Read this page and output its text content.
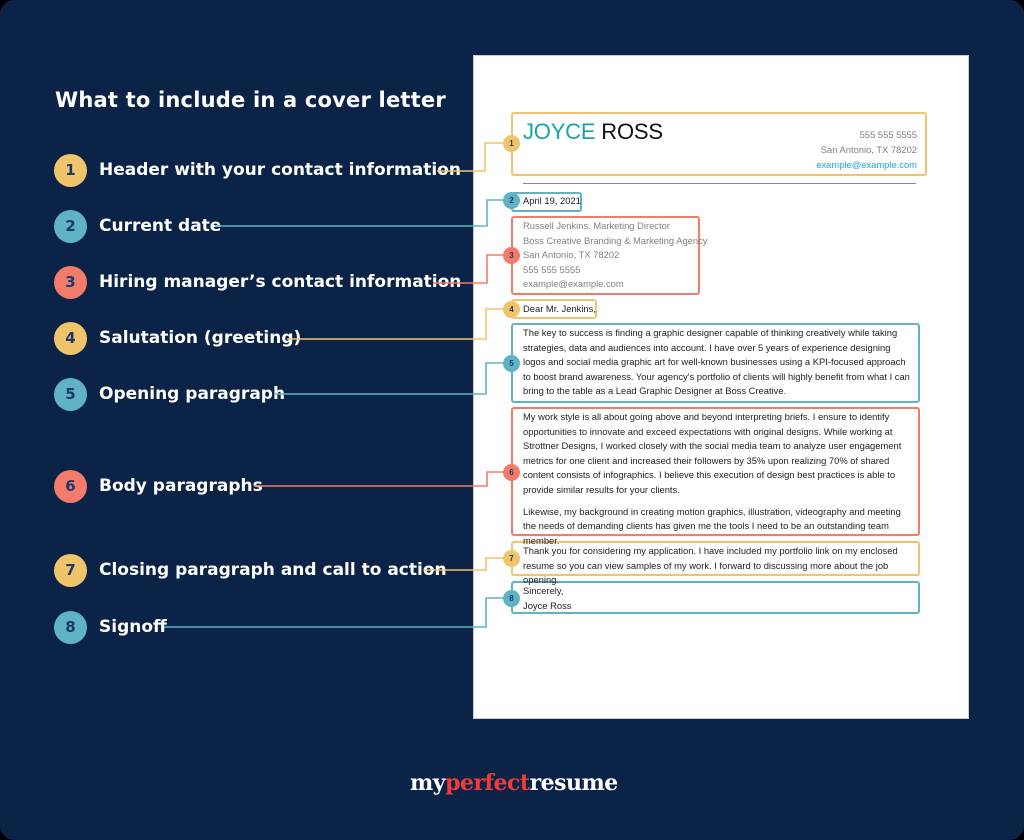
What to include in a cover letter
1	Header with your contact information
2	Current date
3	Hiring manager’s contact information
4	Salutation (greeting)
5	Opening paragraph
6	Body paragraphs
7	Closing paragraph and call to action
8	Signoff
1
2
3
4
5
6
7
8
JOYCE ROSS	555 555 5555
San Antonio, TX 78202
example@example.com
April 19, 2021
Russell Jenkins. Marketing Director
Boss Creative Branding & Marketing Agency
San Antonio, TX 78202
555 555 5555
example@example.com
Dear Mr. Jenkins,

The key to success is finding a graphic designer capable of thinking creatively while taking strategies, data and audiences into account. I have over 5 years of experience designing logos and social media graphic art for well-known businesses using a KPI-focused approach to boost brand awareness. Your agency's portfolio of clients will highly benefit from what I can bring to the table as a Lead Graphic Designer at Boss Creative.

My work style is all about going above and beyond interpreting briefs. I ensure to identify opportunities to innovate and exceed expectations with original designs. While working at Strottner Designs, I worked closely with the social media team to analyze user engagement metrics for one client and increased their followers by 35% upon realizing 70% of shared content consists of infographics. I believe this execution of design best practices is able to provide similar results for your clients.

Likewise, my background in creating motion graphics, illustration, videography and meeting the needs of demanding clients has given me the tools I need to be an outstanding team member.

Thank you for considering my application. I have included my portfolio link on my enclosed resume so you can view samples of my work. I forward to discussing more about the job opening.

Sincerely,
Joyce Ross
myperfectresume
